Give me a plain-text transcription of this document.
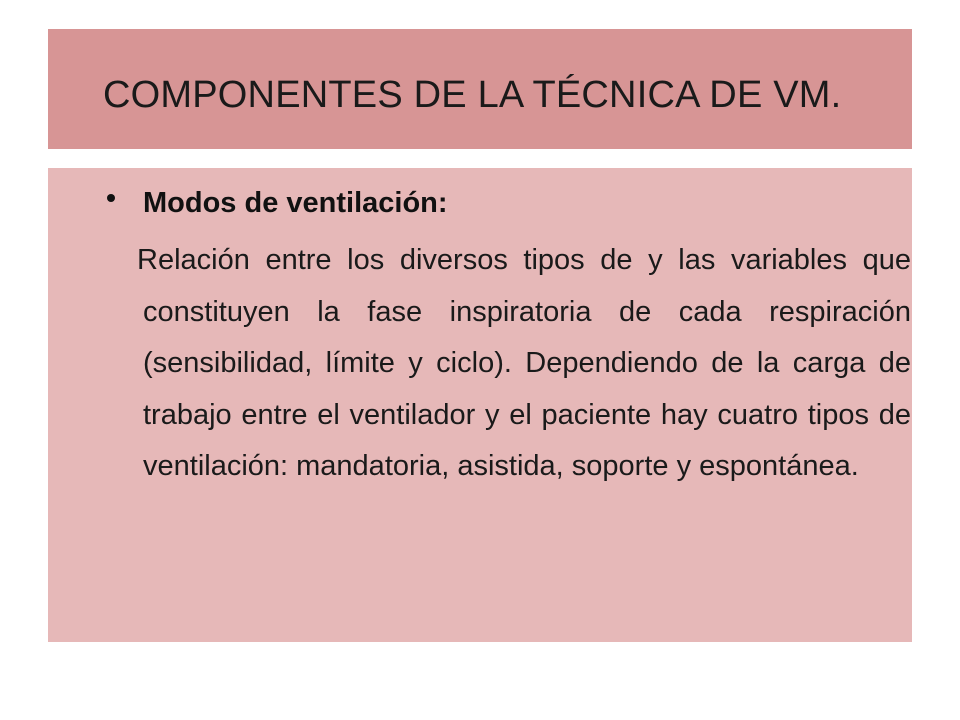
COMPONENTES DE LA TÉCNICA DE VM.
Modos de ventilación:
Relación entre los diversos tipos de y las variables que constituyen la fase inspiratoria de cada respiración (sensibilidad, límite y ciclo). Dependiendo de la carga de trabajo entre el ventilador y el paciente hay cuatro tipos de ventilación: mandatoria, asistida, soporte y espontánea.
